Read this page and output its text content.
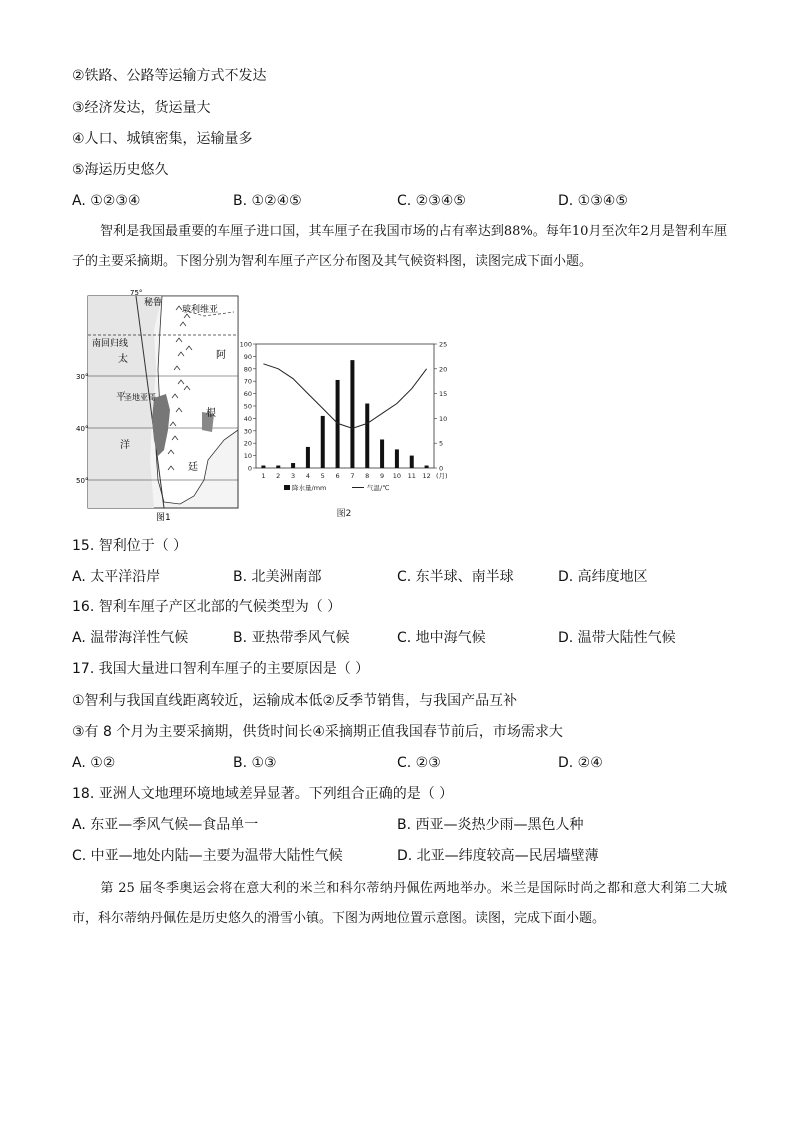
②铁路、公路等运输方式不发达
③经济发达，货运量大
④人口、城镇密集，运输量多
⑤海运历史悠久
A. ①②③④	B. ①②④⑤	C. ②③④⑤	D. ①③④⑤
智利是我国最重要的车厘子进口国，其车厘子在我国市场的占有率达到88%。每年10月至次年2月是智利车厘子的主要采摘期。下图分别为智利车厘子产区分布图及其气候资料图，读图完成下面小题。
75°
秘鲁
玻利维亚
南回归线
太
平
圣地亚哥
洋
阿
根
廷
30°
40°
50°
图1
0
10
20
30
40
50
60
70
80
90
100
0
5
10
15
20
25
1 2 3 4 5 6 7 8 9 10 11 12 (月)
降水量/mm	气温/℃
图2
15. 智利位于（ ）
A. 太平洋沿岸	B. 北美洲南部	C. 东半球、南半球	D. 高纬度地区
16. 智利车厘子产区北部的气候类型为（ ）
A. 温带海洋性气候	B. 亚热带季风气候	C. 地中海气候	D. 温带大陆性气候
17. 我国大量进口智利车厘子的主要原因是（ ）
①智利与我国直线距离较近，运输成本低②反季节销售，与我国产品互补
③有 8 个月为主要采摘期，供货时间长④采摘期正值我国春节前后，市场需求大
A. ①②	B. ①③	C. ②③	D. ②④
18. 亚洲人文地理环境地域差异显著。下列组合正确的是（ ）
A. 东亚—季风气候—食品单一	B. 西亚—炎热少雨—黑色人种
C. 中亚—地处内陆—主要为温带大陆性气候	D. 北亚—纬度较高—民居墙壁薄
第 25 届冬季奥运会将在意大利的米兰和科尔蒂纳丹佩佐两地举办。米兰是国际时尚之都和意大利第二大城市，科尔蒂纳丹佩佐是历史悠久的滑雪小镇。下图为两地位置示意图。读图，完成下面小题。
